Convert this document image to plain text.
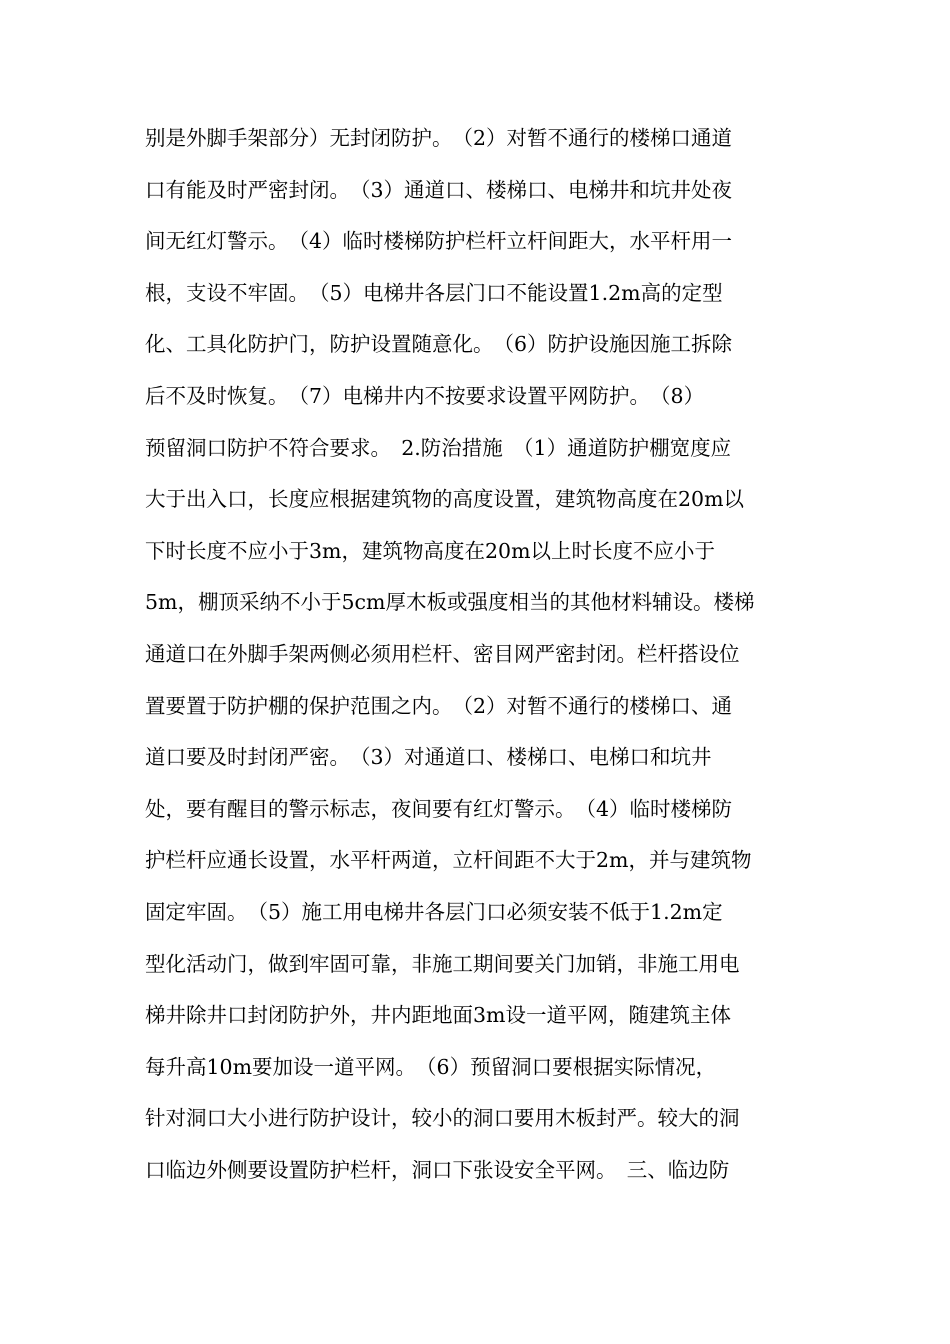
别是外脚手架部分）无封闭防护。　（2）对暂不通行的楼梯口通道
口有能及时严密封闭。　（3）通道口、楼梯口、电梯井和坑井处夜
间无红灯警示。　（4）临时楼梯防护栏杆立杆间距大，水平杆用一
根，支设不牢固。　（5）电梯井各层门口不能设置1.2m高的定型
化、工具化防护门，防护设置随意化。　（6）防护设施因施工拆除
后不及时恢复。　（7）电梯井内不按要求设置平网防护。　（8）
预留洞口防护不符合要求。　2.防治措施　（1）通道防护棚宽度应
大于出入口，长度应根据建筑物的高度设置，建筑物高度在20m以
下时长度不应小于3m，建筑物高度在20m以上时长度不应小于
5m，棚顶采纳不小于5cm厚木板或强度相当的其他材料辅设。楼梯
通道口在外脚手架两侧必须用栏杆、密目网严密封闭。栏杆搭设位
置要置于防护棚的保护范围之内。　（2）对暂不通行的楼梯口、通
道口要及时封闭严密。　（3）对通道口、楼梯口、电梯口和坑井
处，要有醒目的警示标志，夜间要有红灯警示。　（4）临时楼梯防
护栏杆应通长设置，水平杆两道，立杆间距不大于2m，并与建筑物
固定牢固。　（5）施工用电梯井各层门口必须安装不低于1.2m定
型化活动门，做到牢固可靠，非施工期间要关门加销，非施工用电
梯井除井口封闭防护外，井内距地面3m设一道平网，随建筑主体
每升高10m要加设一道平网。　（6）预留洞口要根据实际情况，
针对洞口大小进行防护设计，较小的洞口要用木板封严。较大的洞
口临边外侧要设置防护栏杆，洞口下张设安全平网。　三、临边防
